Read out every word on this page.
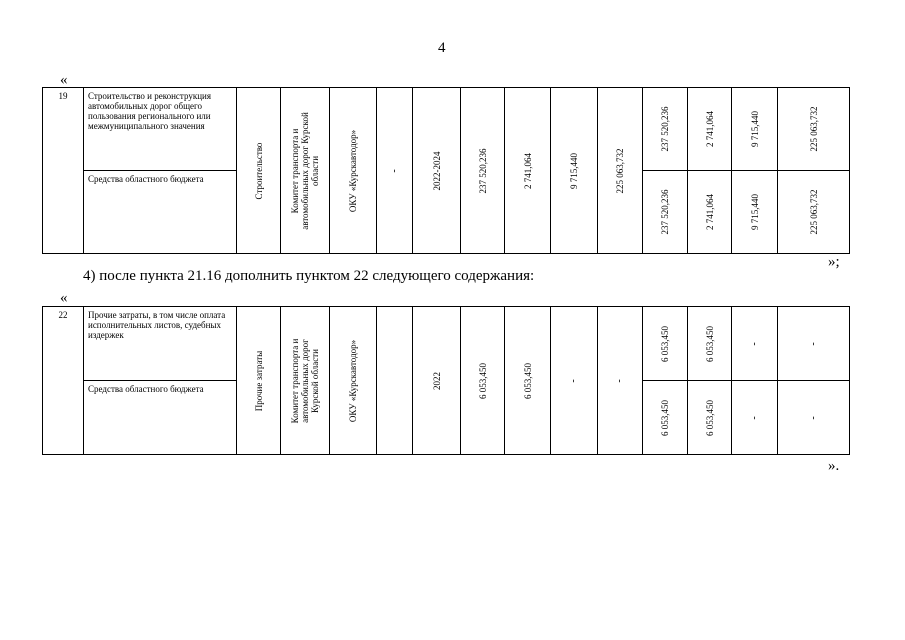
4
«
19	Строительство и реконструкция автомобильных дорог общего пользования регионального или межмуниципального значения	Строительство	Комитет транспорта и
автомобильных дорог Курской
области	ОКУ «Курскавтодор»	-	2022-2024	237 520,236	2 741,064	9 715,440	225 063,732	237 520,236	2 741,064	9 715,440	225 063,732

	Средства областного бюджета										237 520,236	2 741,064	9 715,440	225 063,732	
»;
4) после пункта 21.16 дополнить пунктом 22 следующего содержания:
«
22	Прочие затраты, в том числе оплата исполнительных листов, судебных издержек	Прочие затраты	Комитет транспорта и
автомобильных дорог
Курской области	ОКУ «Курскавтодор»		2022	6 053,450	6 053,450	-	-	6 053,450	6 053,450	-	-

	Средства областного бюджета										6 053,450	6 053,450	-	-	
».
